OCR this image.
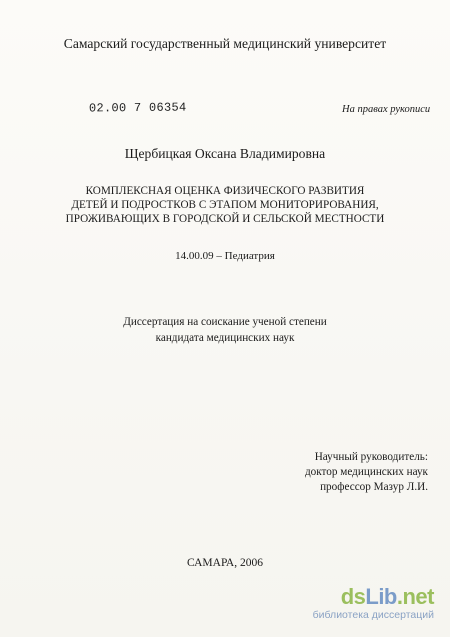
Самарский государственный медицинский университет
02.00 7 06354	На правах рукописи
Щербицкая Оксана Владимировна
КОМПЛЕКСНАЯ ОЦЕНКА ФИЗИЧЕСКОГО РАЗВИТИЯ
ДЕТЕЙ И ПОДРОСТКОВ С ЭТАПОМ МОНИТОРИРОВАНИЯ,
ПРОЖИВАЮЩИХ В ГОРОДСКОЙ И СЕЛЬСКОЙ МЕСТНОСТИ
14.00.09 – Педиатрия
Диссертация на соискание ученой степени
кандидата медицинских наук
Научный руководитель:
доктор медицинских наук
профессор Мазур Л.И.
САМАРА, 2006
dsLib.net
библиотека диссертаций
